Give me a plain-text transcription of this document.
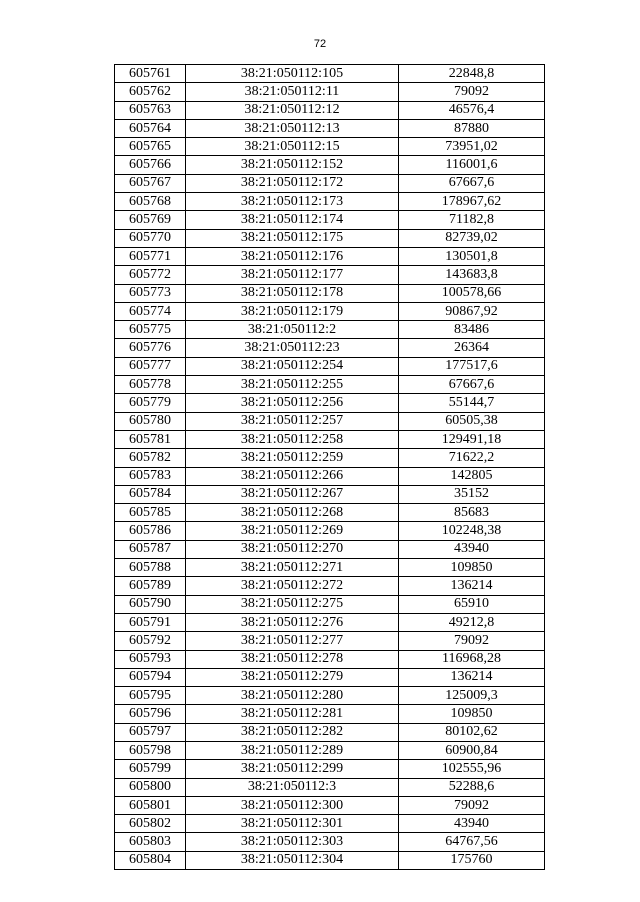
72
605761	38:21:050112:105	22848,8
605762	38:21:050112:11	79092
605763	38:21:050112:12	46576,4
605764	38:21:050112:13	87880
605765	38:21:050112:15	73951,02
605766	38:21:050112:152	116001,6
605767	38:21:050112:172	67667,6
605768	38:21:050112:173	178967,62
605769	38:21:050112:174	71182,8
605770	38:21:050112:175	82739,02
605771	38:21:050112:176	130501,8
605772	38:21:050112:177	143683,8
605773	38:21:050112:178	100578,66
605774	38:21:050112:179	90867,92
605775	38:21:050112:2	83486
605776	38:21:050112:23	26364
605777	38:21:050112:254	177517,6
605778	38:21:050112:255	67667,6
605779	38:21:050112:256	55144,7
605780	38:21:050112:257	60505,38
605781	38:21:050112:258	129491,18
605782	38:21:050112:259	71622,2
605783	38:21:050112:266	142805
605784	38:21:050112:267	35152
605785	38:21:050112:268	85683
605786	38:21:050112:269	102248,38
605787	38:21:050112:270	43940
605788	38:21:050112:271	109850
605789	38:21:050112:272	136214
605790	38:21:050112:275	65910
605791	38:21:050112:276	49212,8
605792	38:21:050112:277	79092
605793	38:21:050112:278	116968,28
605794	38:21:050112:279	136214
605795	38:21:050112:280	125009,3
605796	38:21:050112:281	109850
605797	38:21:050112:282	80102,62
605798	38:21:050112:289	60900,84
605799	38:21:050112:299	102555,96
605800	38:21:050112:3	52288,6
605801	38:21:050112:300	79092
605802	38:21:050112:301	43940
605803	38:21:050112:303	64767,56
605804	38:21:050112:304	175760
